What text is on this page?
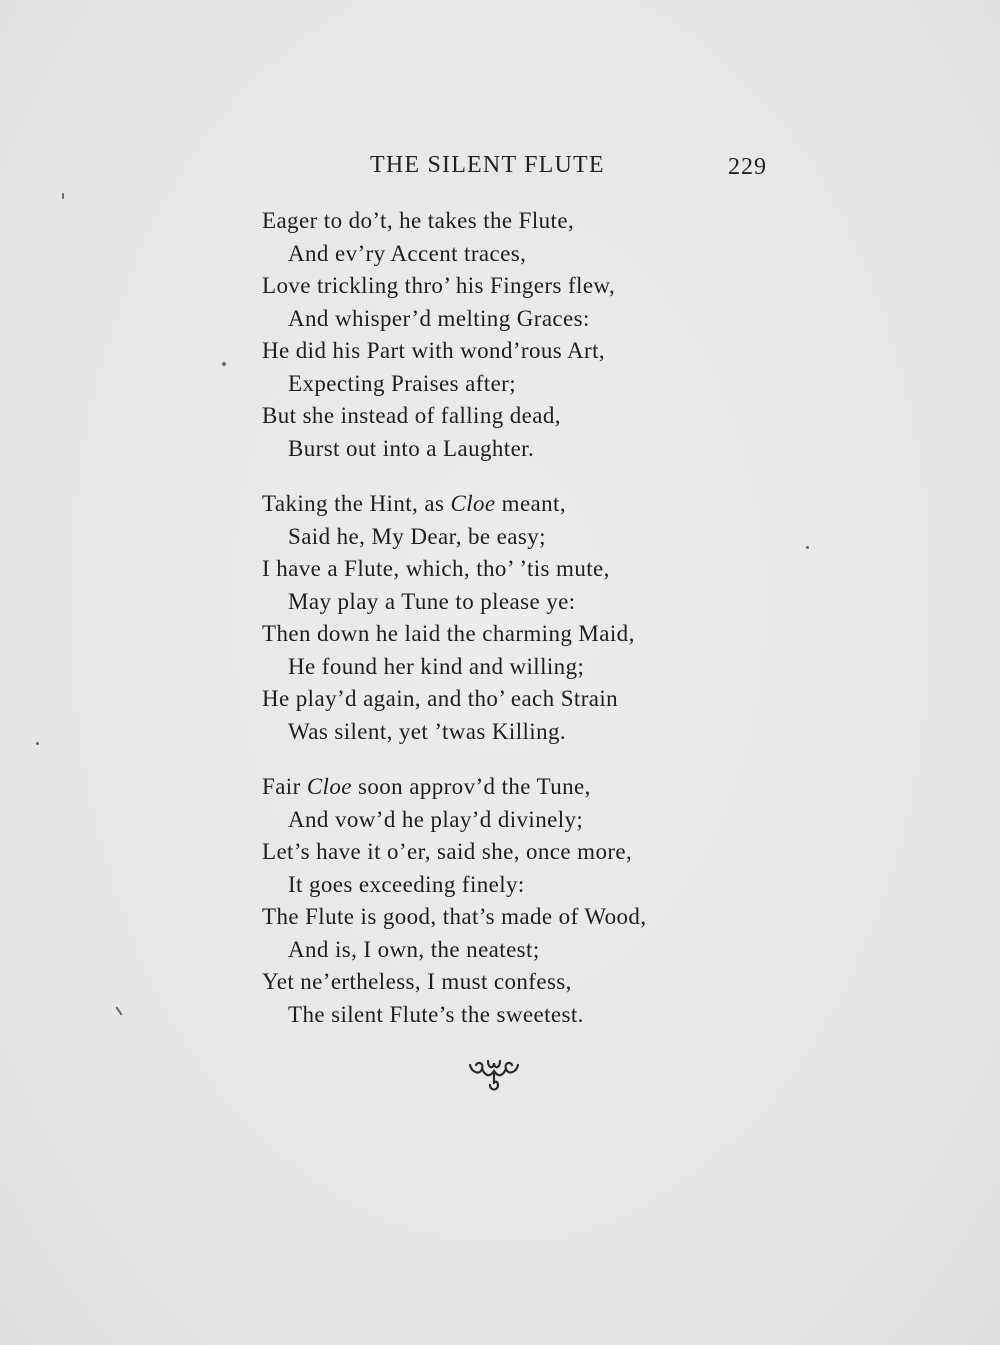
THE SILENT FLUTE	229
Eager to do’t, he takes the Flute,
And ev’ry Accent traces,
Love trickling thro’ his Fingers flew,
And whisper’d melting Graces:
He did his Part with wond’rous Art,
Expecting Praises after;
But she instead of falling dead,
Burst out into a Laughter.
Taking the Hint, as Cloe meant,
Said he, My Dear, be easy;
I have a Flute, which, tho’ ’tis mute,
May play a Tune to please ye:
Then down he laid the charming Maid,
He found her kind and willing;
He play’d again, and tho’ each Strain
Was silent, yet ’twas Killing.
Fair Cloe soon approv’d the Tune,
And vow’d he play’d divinely;
Let’s have it o’er, said she, once more,
It goes exceeding finely:
The Flute is good, that’s made of Wood,
And is, I own, the neatest;
Yet ne’ertheless, I must confess,
The silent Flute’s the sweetest.
